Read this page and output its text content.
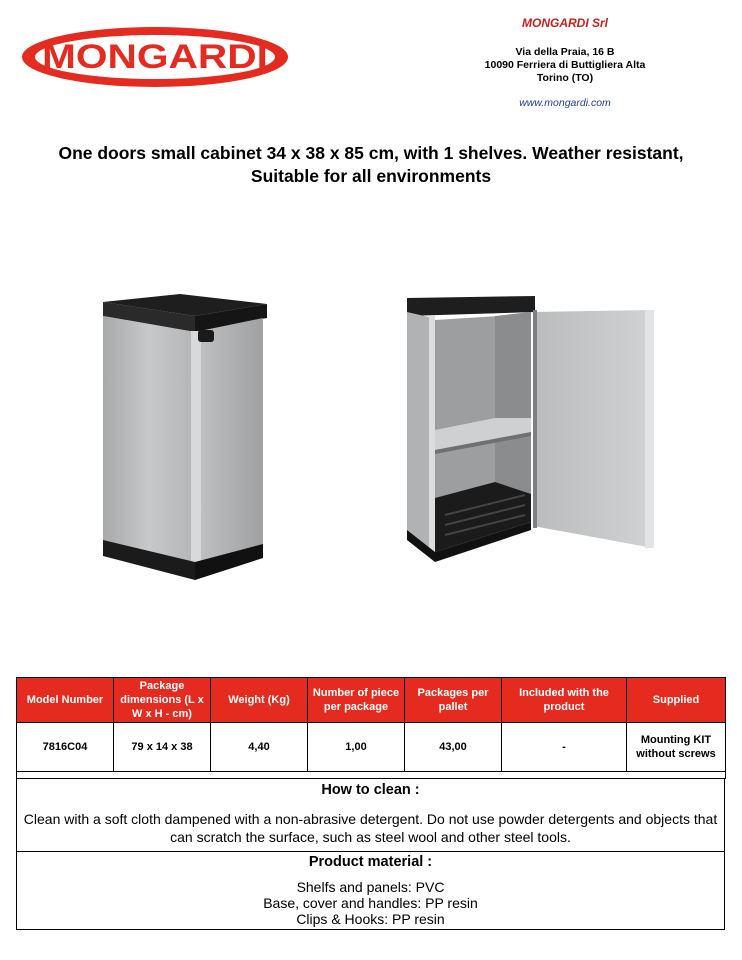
MONGARDI
MONGARDI Srl
Via della Praia, 16 B
10090 Ferriera di Buttigliera Alta
Torino (TO)
www.mongardi.com
One doors small cabinet 34 x 38 x 85 cm, with 1 shelves. Weather resistant,
Suitable for all environments
Model Number	Package dimensions (L x W x H - cm)	Weight (Kg)	Number of piece per package	Packages per pallet	Included with the product	Supplied
7816C04	79 x 14 x 38	4,40	1,00	43,00	-	Mounting KIT without screws

How to clean :
Clean with a soft cloth dampened with a non-abrasive detergent. Do not use powder detergents and objects that can scratch the surface, such as steel wool and other steel tools.
Product material :
Shelfs and panels: PVC
Base, cover and handles: PP resin
Clips & Hooks: PP resin
